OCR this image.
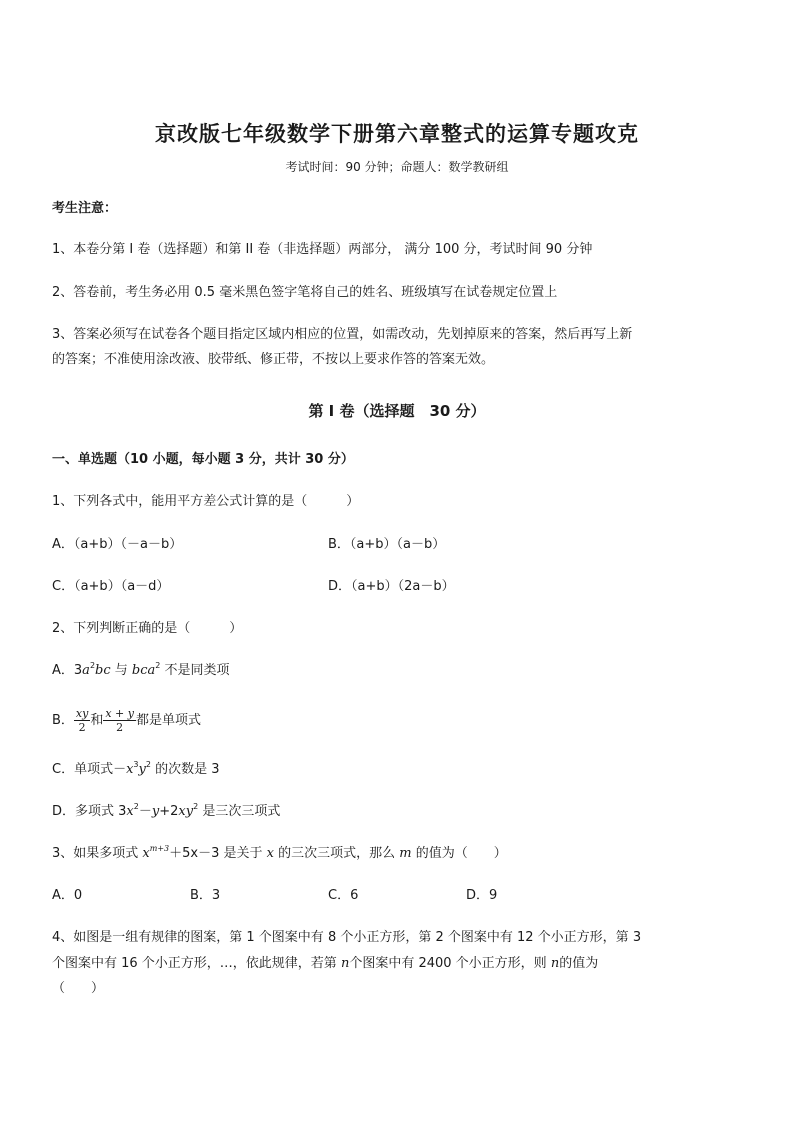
京改版七年级数学下册第六章整式的运算专题攻克
考试时间：90 分钟；命题人：数学教研组
考生注意：
1、本卷分第 I 卷（选择题）和第 II 卷（非选择题）两部分， 满分 100 分，考试时间 90 分钟
2、答卷前，考生务必用 0.5 毫米黑色签字笔将自己的姓名、班级填写在试卷规定位置上
3、答案必须写在试卷各个题目指定区域内相应的位置，如需改动，先划掉原来的答案，然后再写上新
的答案；不准使用涂改液、胶带纸、修正带，不按以上要求作答的答案无效。
第 I 卷（选择题　30 分）
一、单选题（10 小题，每小题 3 分，共计 30 分）
1、下列各式中，能用平方差公式计算的是（　　　）
A．（a+b）（－a－b）	B．（a+b）（a－b）
C．（a+b）（a－d）	D．（a+b）（2a－b）
2、下列判断正确的是（　　　）
A．$3a^2bc$ 与 bca$^2$ 不是同类项
B． $\frac{xy}{2}$ 和 $\frac{x + y}{2}$ 都是单项式
C．单项式$-x^3y^2$ 的次数是 3
D．多项式 $3x^2-y+2xy^2$ 是三次三项式
3、如果多项式 $x^{m+3}+5x-3$ 是关于 x 的三次三项式，那么 m 的值为（　　）
A．0	B．3	C．6	D．9
4、如图是一组有规律的图案，第 1 个图案中有 8 个小正方形，第 2 个图案中有 12 个小正方形，第 3
个图案中有 16 个小正方形，…，依此规律，若第 n个图案中有 2400 个小正方形，则 n的值为
（　　）
